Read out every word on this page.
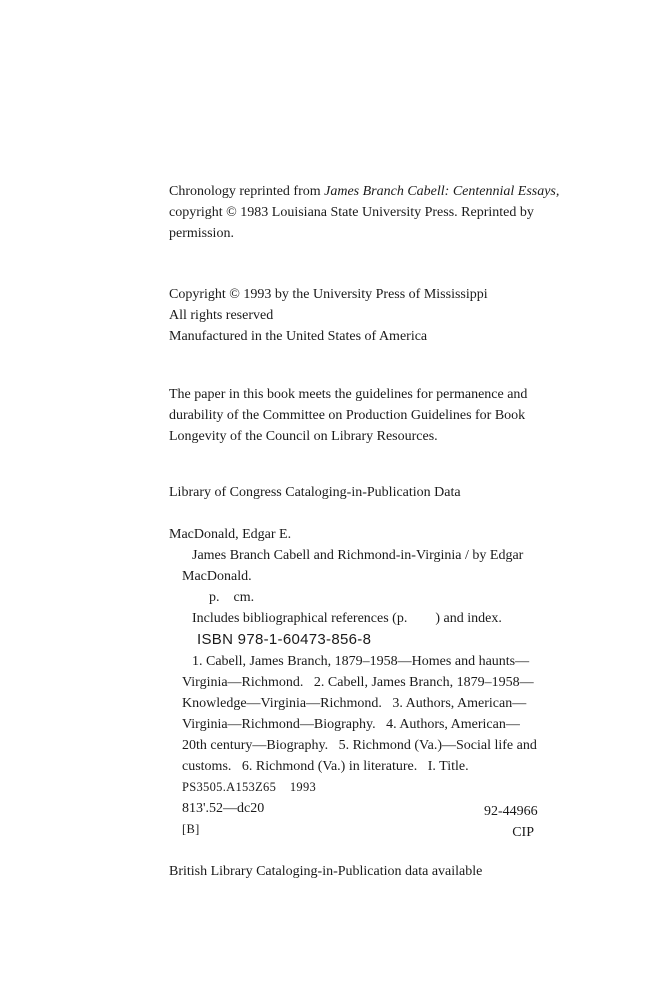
Chronology reprinted from James Branch Cabell: Centennial Essays,
copyright © 1983 Louisiana State University Press. Reprinted by
permission.
Copyright © 1993 by the University Press of Mississippi
All rights reserved
Manufactured in the United States of America
The paper in this book meets the guidelines for permanence and
durability of the Committee on Production Guidelines for Book
Longevity of the Council on Library Resources.
Library of Congress Cataloging-in-Publication Data
MacDonald, Edgar E.
James Branch Cabell and Richmond-in-Virginia / by Edgar
MacDonald.
p.    cm.
Includes bibliographical references (p.        ) and index.
ISBN 978-1-60473-856-8
1. Cabell, James Branch, 1879–1958—Homes and haunts—
Virginia—Richmond.   2. Cabell, James Branch, 1879–1958—
Knowledge—Virginia—Richmond.   3. Authors, American—
Virginia—Richmond—Biography.   4. Authors, American—
20th century—Biography.   5. Richmond (Va.)—Social life and
customs.   6. Richmond (Va.) in literature.   I. Title.
PS3505.A153Z65    1993
813'.52—dc20
[B]
92-44966
CIP
British Library Cataloging-in-Publication data available
